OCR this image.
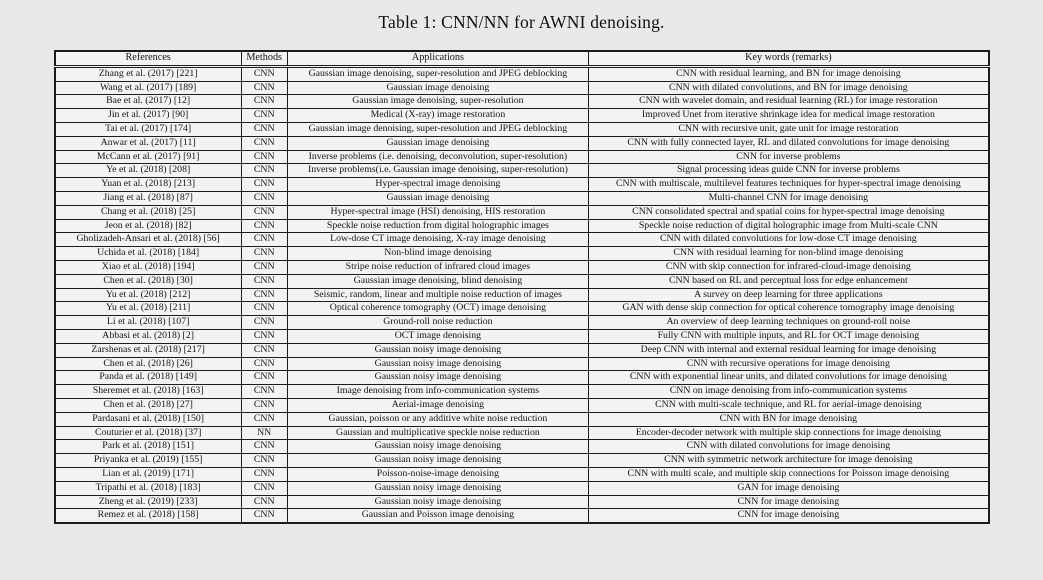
Table 1: CNN/NN for AWNI denoising.
References	Methods	Applications	Key words (remarks)
Zhang et al. (2017) [221]	CNN	Gaussian image denoising, super-resolution and JPEG deblocking	CNN with residual learning, and BN for image denoising
Wang et al. (2017) [189]	CNN	Gaussian image denoising	CNN with dilated convolutions, and BN for image denoising
Bae et al. (2017) [12]	CNN	Gaussian image denoising, super-resolution	CNN with wavelet domain, and residual learning (RL) for image restoration
Jin et al. (2017) [90]	CNN	Medical (X-ray) image restoration	Improved Unet from iterative shrinkage idea for medical image restoration
Tai et al. (2017) [174]	CNN	Gaussian image denoising, super-resolution and JPEG deblocking	CNN with recursive unit, gate unit for image restoration
Anwar et al. (2017) [11]	CNN	Gaussian image denoising	CNN with fully connected layer, RL and dilated convolutions for image denoising
McCann et al. (2017) [91]	CNN	Inverse problems (i.e. denoising, deconvolution, super-resolution)	CNN for inverse problems
Ye et al. (2018) [208]	CNN	Inverse problems(i.e. Gaussian image denoising, super-resolution)	Signal processing ideas guide CNN for inverse problems
Yuan et al. (2018) [213]	CNN	Hyper-spectral image denoising	CNN with multiscale, multilevel features techniques for hyper-spectral image denoising
Jiang et al. (2018) [87]	CNN	Gaussian image denoising	Multi-channel CNN for image denoising
Chang et al. (2018) [25]	CNN	Hyper-spectral image (HSI) denoising, HIS restoration	CNN consolidated spectral and spatial coins for hyper-spectral image denoising
Jeon et al. (2018) [82]	CNN	Speckle noise reduction from digital holographic images	Speckle noise reduction of digital holographic image from Multi-scale CNN
Gholizadeh-Ansari et al. (2018) [56]	CNN	Low-dose CT image denoising, X-ray image denoising	CNN with dilated convolutions for low-dose CT image denoising
Uchida et al. (2018) [184]	CNN	Non-blind image denoising	CNN with residual learning for non-blind image denoising
Xiao et al. (2018) [194]	CNN	Stripe noise reduction of infrared cloud images	CNN with skip connection for infrared-cloud-image denoising
Chen et al. (2018) [30]	CNN	Gaussian image denoising, blind denoising	CNN based on RL and perceptual loss for edge enhancement
Yu et al. (2018) [212]	CNN	Seismic, random, linear and multiple noise reduction of images	A survey on deep learning for three applications
Yu et al. (2018) [211]	CNN	Optical coherence tomography (OCT) image denoising	GAN with dense skip connection for optical coherence tomography image denoising
Li et al. (2018) [107]	CNN	Ground-roll noise reduction	An overview of deep learning techniques on ground-roll noise
Abbasi et al. (2018) [2]	CNN	OCT image denoising	Fully CNN with multiple inputs, and RL for OCT image denoising
Zarshenas et al. (2018) [217]	CNN	Gaussian noisy image denoising	Deep CNN with internal and external residual learning for image denoising
Chen et al. (2018) [26]	CNN	Gaussian noisy image denoising	CNN with recursive operations for image denoising
Panda et al. (2018) [149]	CNN	Gaussian noisy image denoising	CNN with exponential linear units, and dilated convolutions for image denoising
Sheremet et al. (2018) [163]	CNN	Image denoising from info-communication systems	CNN on image denoising from info-communication systems
Chen et al. (2018) [27]	CNN	Aerial-image denoising	CNN with multi-scale technique, and RL for aerial-image denoising
Pardasani et al. (2018) [150]	CNN	Gaussian, poisson or any additive white noise reduction	CNN with BN for image denoising
Couturier et al. (2018) [37]	NN	Gaussian and multiplicative speckle noise reduction	Encoder-decoder network with multiple skip connections for image denoising
Park et al. (2018) [151]	CNN	Gaussian noisy image denoising	CNN with dilated convolutions for image denoising
Priyanka et al. (2019) [155]	CNN	Gaussian noisy image denoising	CNN with symmetric network architecture for image denoising
Lian et al. (2019) [171]	CNN	Poisson-noise-image denoising	CNN with multi scale, and multiple skip connections for Poisson image denoising
Tripathi et al. (2018) [183]	CNN	Gaussian noisy image denoising	GAN for image denoising
Zheng et al. (2019) [233]	CNN	Gaussian noisy image denoising	CNN for image denoising
Remez et al. (2018) [158]	CNN	Gaussian and Poisson image denoising	CNN for image denoising
